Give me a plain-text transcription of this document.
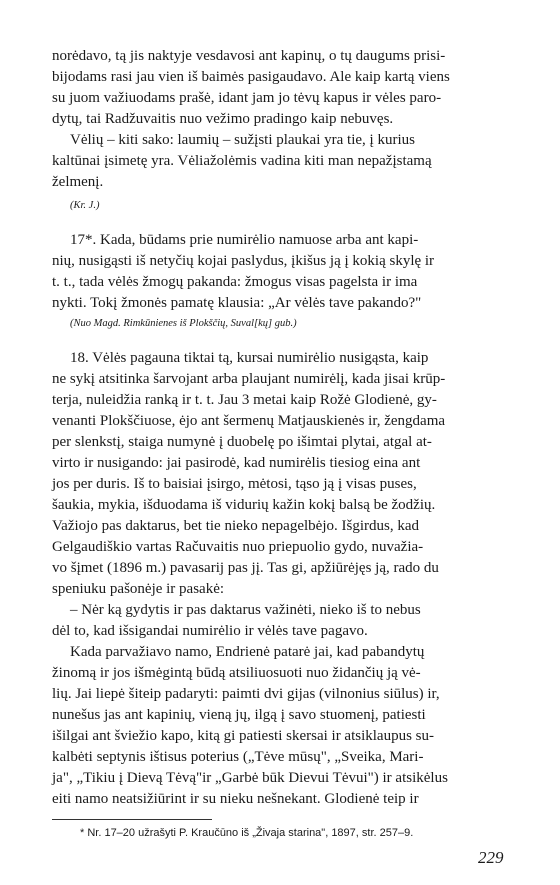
norėdavo, tą jis naktyje vesdavosi ant kapinų, o tų daugums prisi-
bijodams rasi jau vien iš baimės pasigaudavo. Ale kaip kartą viens
su juom važiuodams prašė, idant jam jo tėvų kapus ir vėles paro-
dytų, tai Radžuvaitis nuo vežimo pradingo kaip nebuvęs.
Vėlių – kiti sako: laumių – sužįsti plaukai yra tie, į kurius
kaltūnai įsimetę yra. Vėliažolėmis vadina kiti man nepažįstamą
želmenį.
(Kr. J.)
17*. Kada, būdams prie numirėlio namuose arba ant kapi-
nių, nusigąsti iš netyčių kojai paslydus, įkišus ją į kokią skylę ir
t. t., tada vėlės žmogų pakanda: žmogus visas pagelsta ir ima
nykti. Tokį žmonės pamatę klausia: „Ar vėlės tave pakando?"
(Nuo Magd. Rimkūnienes iš Plokščių, Suval[kų] gub.)
18. Vėlės pagauna tiktai tą, kursai numirėlio nusigąsta, kaip
ne sykį atsitinka šarvojant arba plaujant numirėlį, kada jisai krūp-
terja, nuleidžia ranką ir t. t. Jau 3 metai kaip Rožė Glodienė, gy-
venanti Plokščiuose, ėjo ant šermenų Matjauskienės ir, žengdama
per slenkstį, staiga numynė į duobelę po išimtai plytai, atgal at-
virto ir nusigando: jai pasirodė, kad numirėlis tiesiog eina ant
jos per duris. Iš to baisiai įsirgo, mėtosi, tąso ją į visas puses,
šaukia, mykia, išduodama iš vidurių kažin kokį balsą be žodžių.
Važiojo pas daktarus, bet tie nieko nepagelbėjo. Išgirdus, kad
Gelgaudiškio vartas Račuvaitis nuo priepuolio gydo, nuvažia-
vo šįmet (1896 m.) pavasarij pas jį. Tas gi, apžiūrėjęs ją, rado du
speniuku pašonėje ir pasakė:
– Nėr ką gydytis ir pas daktarus važinėti, nieko iš to nebus
dėl to, kad išsigandai numirėlio ir vėlės tave pagavo.
Kada parvažiavo namo, Endrienė patarė jai, kad pabandytų
žinomą ir jos išmėgintą būdą atsiliuosuoti nuo židančių ją vė-
lių. Jai liepė šiteip padaryti: paimti dvi gijas (vilnonius siūlus) ir,
nunešus jas ant kapinių, vieną jų, ilgą į savo stuomenį, patiesti
išilgai ant šviežio kapo, kitą gi patiesti skersai ir atsiklaupus su-
kalbėti septynis ištisus poterius („Tėve mūsų", „Sveika, Mari-
ja", „Tikiu į Dievą Tėvą"ir „Garbė būk Dievui Tėvui") ir atsikėlus
eiti namo neatsižiūrint ir su nieku nešnekant. Glodienė teip ir
* Nr. 17–20 užrašyti P. Kraučūno iš „Živaja starina", 1897, str. 257–9.
229
